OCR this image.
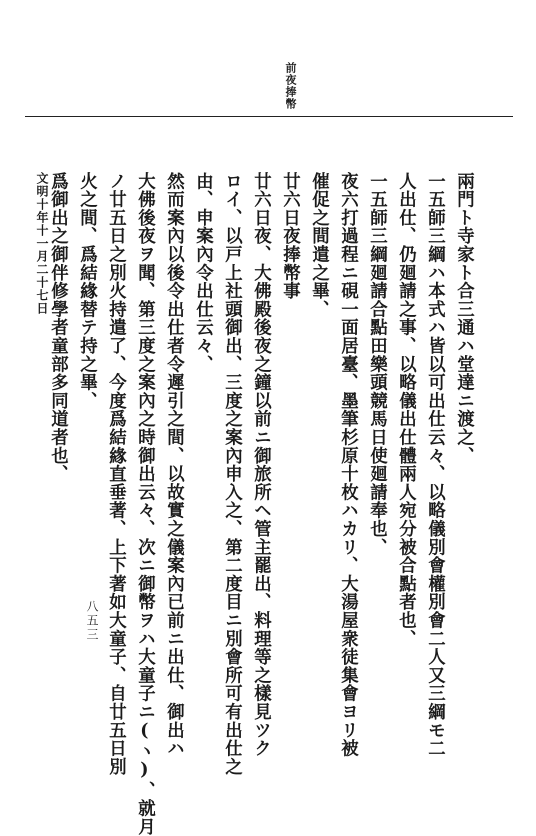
前夜捧幣
兩門ト寺家ト合三通ハ堂達ニ渡之、
一五師三綱ハ本式ハ皆以可出仕云々、以略儀別會權別會二人又三綱モ二
人出仕、仍廻請之事、以略儀出仕體兩人宛分被合點者也、
一五師三綱廻請合點田樂頭競馬日使廻請奉也、
夜六打過程ニ硯一面居臺、墨筆杉原十枚ハカリ、大湯屋衆徒集會ヨリ被
催促之間遣之畢、
廿六日夜捧幣事
廿六日夜、大佛殿後夜之鐘以前ニ御旅所ヘ管主罷出、料理等之樣見ツク
ロイ、以戸上社頭御出、三度之案內申入之、第二度目ニ別會所可有出仕之
由、申案內令出仕云々、
然而案內以後令出仕者令遲引之間、以故實之儀案內已前ニ出仕、御出ハ
大佛後夜ヲ聞、第三度之案內之時御出云々、次ニ御幣ヲハ大童子ニ(ヽ)、就月
ノ廿五日之別火持遣了、今度爲結緣直垂著、上下著如大童子、自廿五日別
火之間、爲結緣替テ持之畢、
爲御出之御伴修學者童部多同道者也、
文明十年十一月二十七日
八五三
